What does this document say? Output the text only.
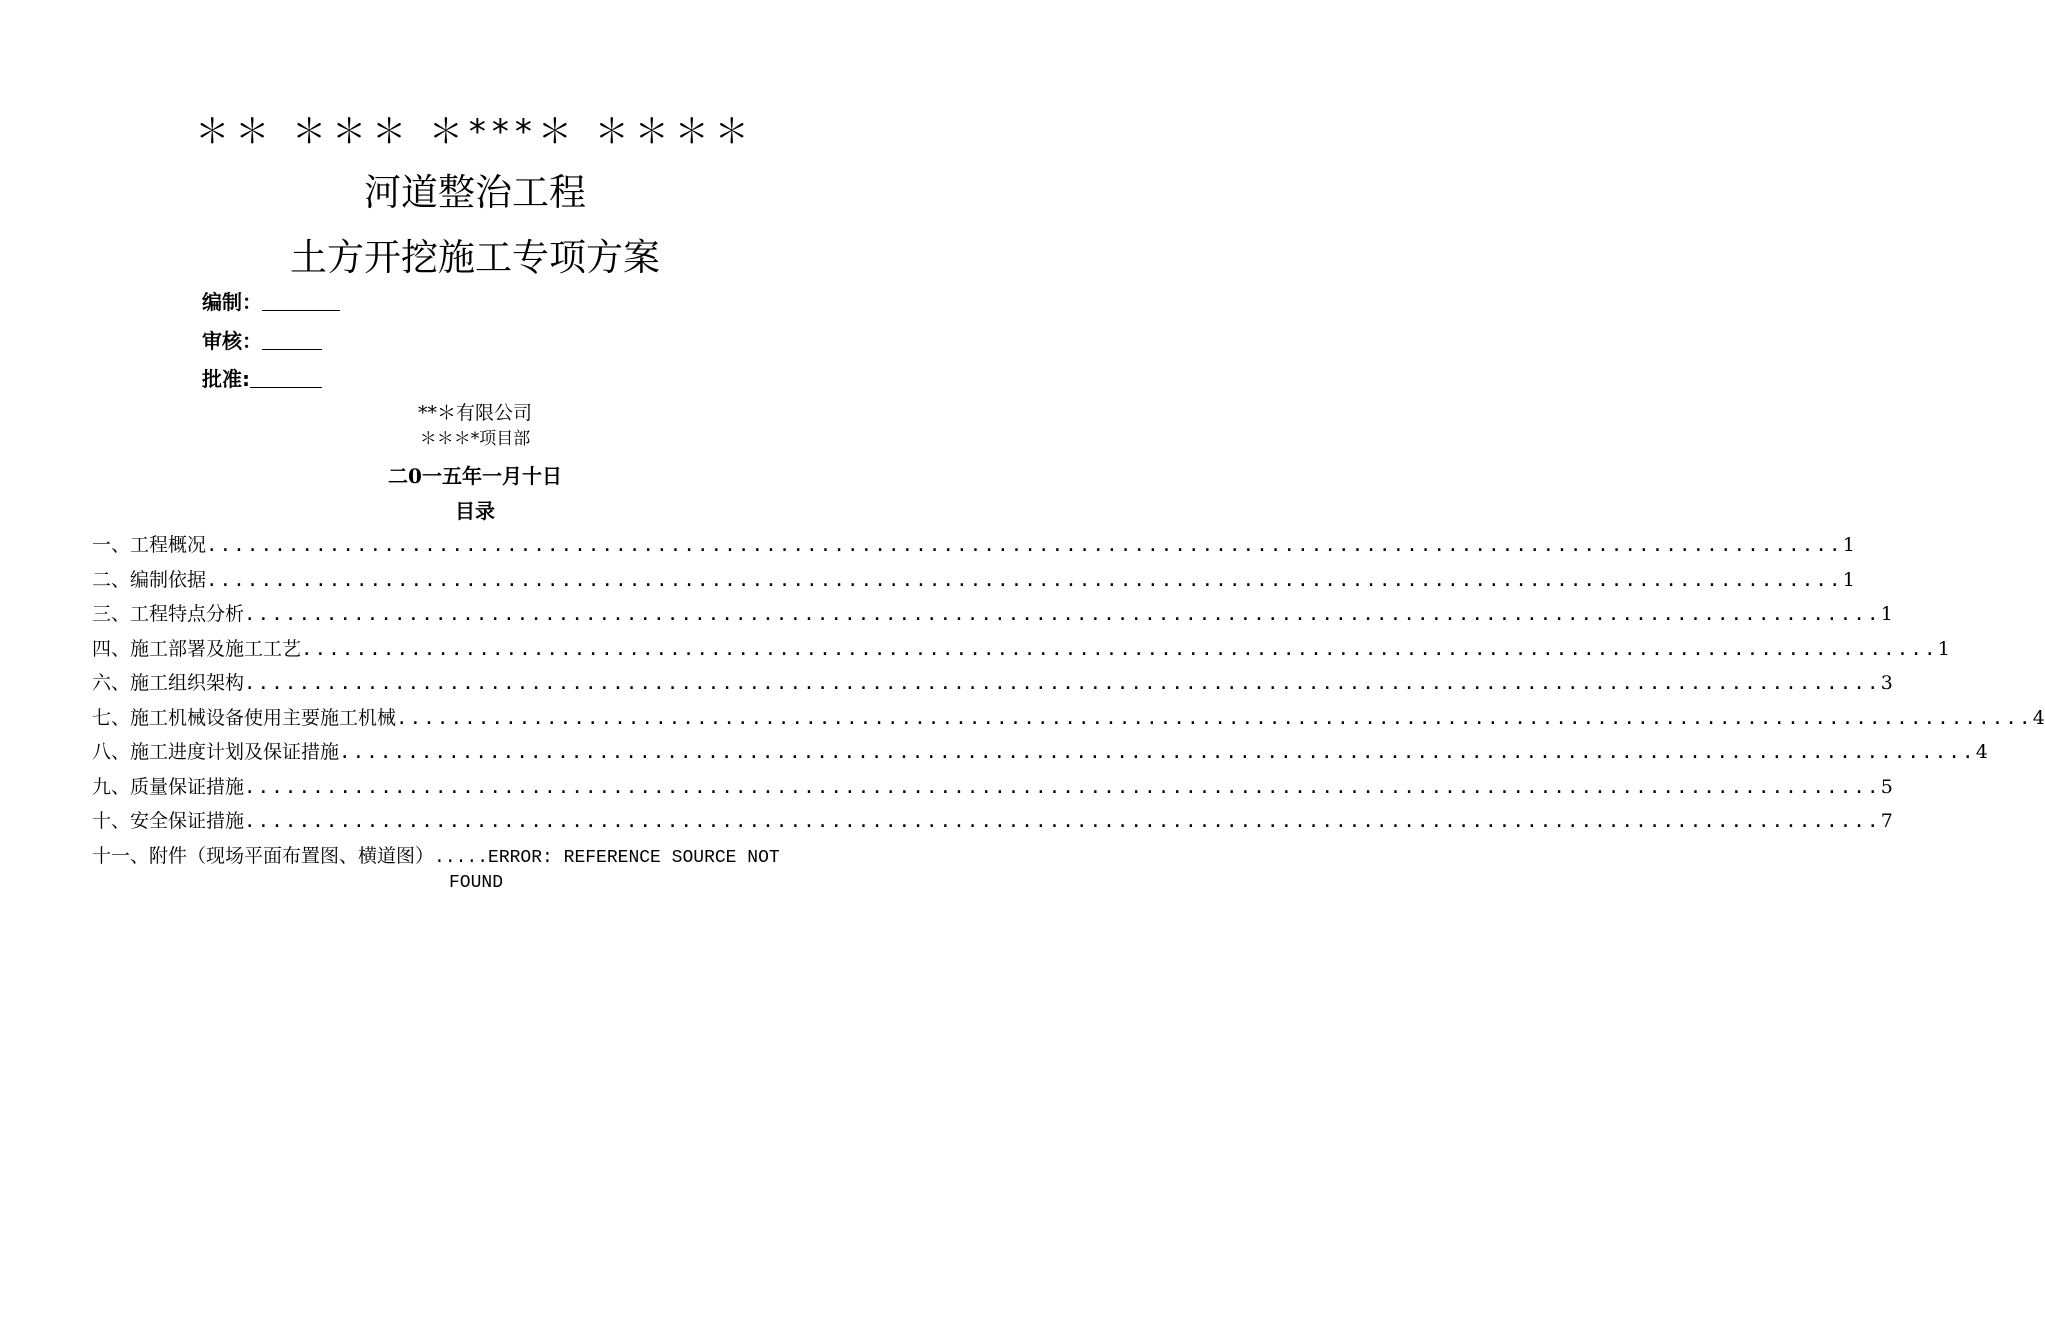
＊＊ ＊＊＊ ＊***＊ ＊＊＊＊
河道整治工程
土方开挖施工专项方案
编制：
审核：
批准:
**＊有限公司
＊＊＊*项目部
二0一五年一月十日
目录
一、工程概况 ........................................................................................................................ 1
二、编制依据 ........................................................................................................................ 1
三、工程特点分析 ........................................................................................................................ 1
四、施工部署及施工工艺 ........................................................................................................................ 1
六、施工组织架构 ........................................................................................................................ 3
七、施工机械设备使用主要施工机械 ........................................................................................................................ 4
八、施工进度计划及保证措施 ........................................................................................................................ 4
九、质量保证措施 ........................................................................................................................ 5
十、安全保证措施 ........................................................................................................................ 7
十一、附件（现场平面布置图、横道图）.....ERROR: REFERENCE SOURCE NOT
FOUND
